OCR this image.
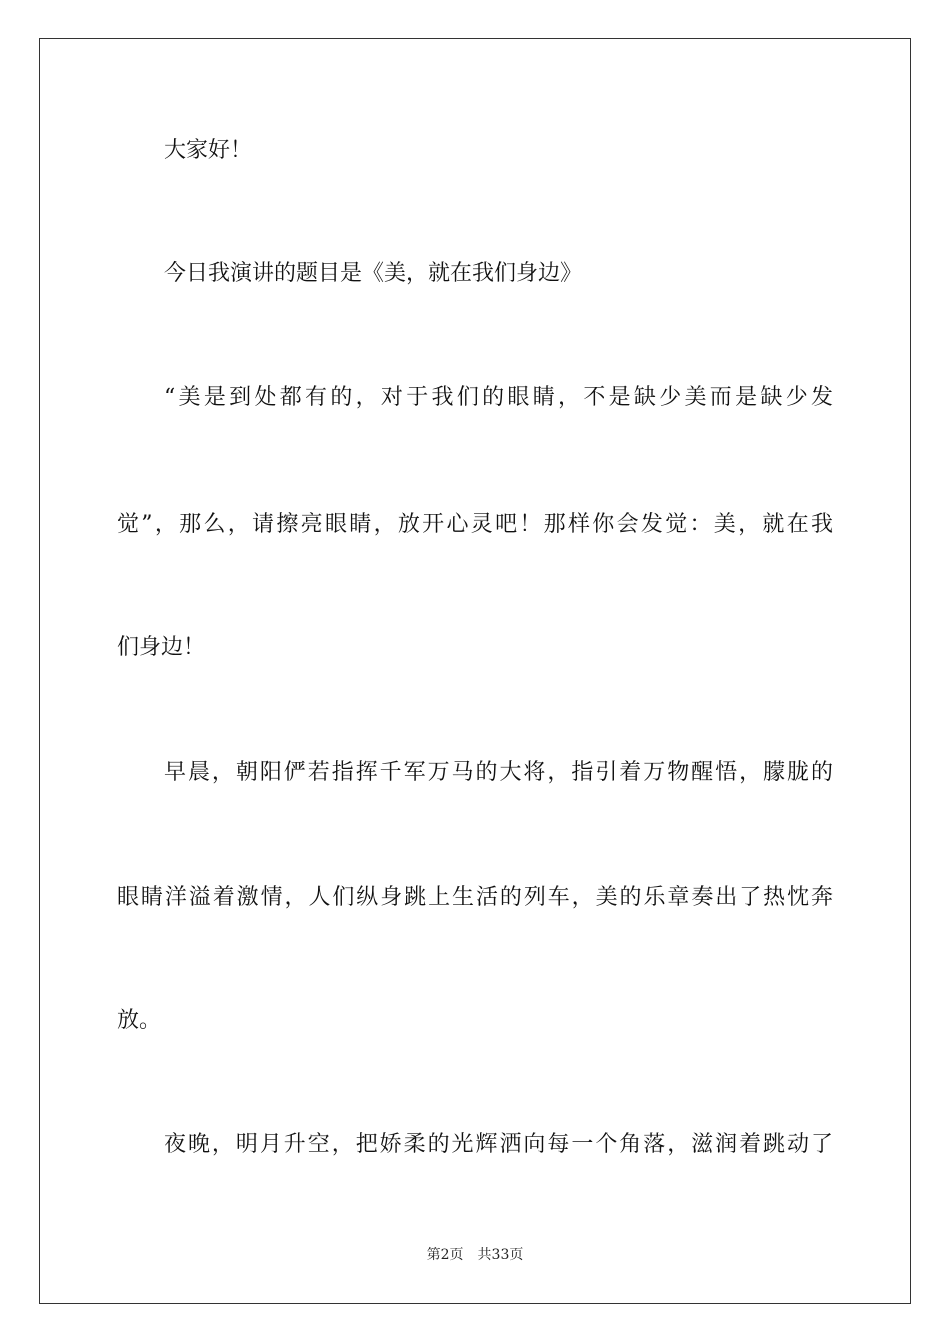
大家好！
今日我演讲的题目是《美，就在我们身边》
“美是到处都有的，对于我们的眼睛，不是缺少美而是缺少发
觉”，那么，请擦亮眼睛，放开心灵吧！那样你会发觉：美，就在我
们身边！
早晨，朝阳俨若指挥千军万马的大将，指引着万物醒悟，朦胧的
眼睛洋溢着激情，人们纵身跳上生活的列车，美的乐章奏出了热忱奔
放。
夜晚，明月升空，把娇柔的光辉洒向每一个角落，滋润着跳动了
第2页 共33页
